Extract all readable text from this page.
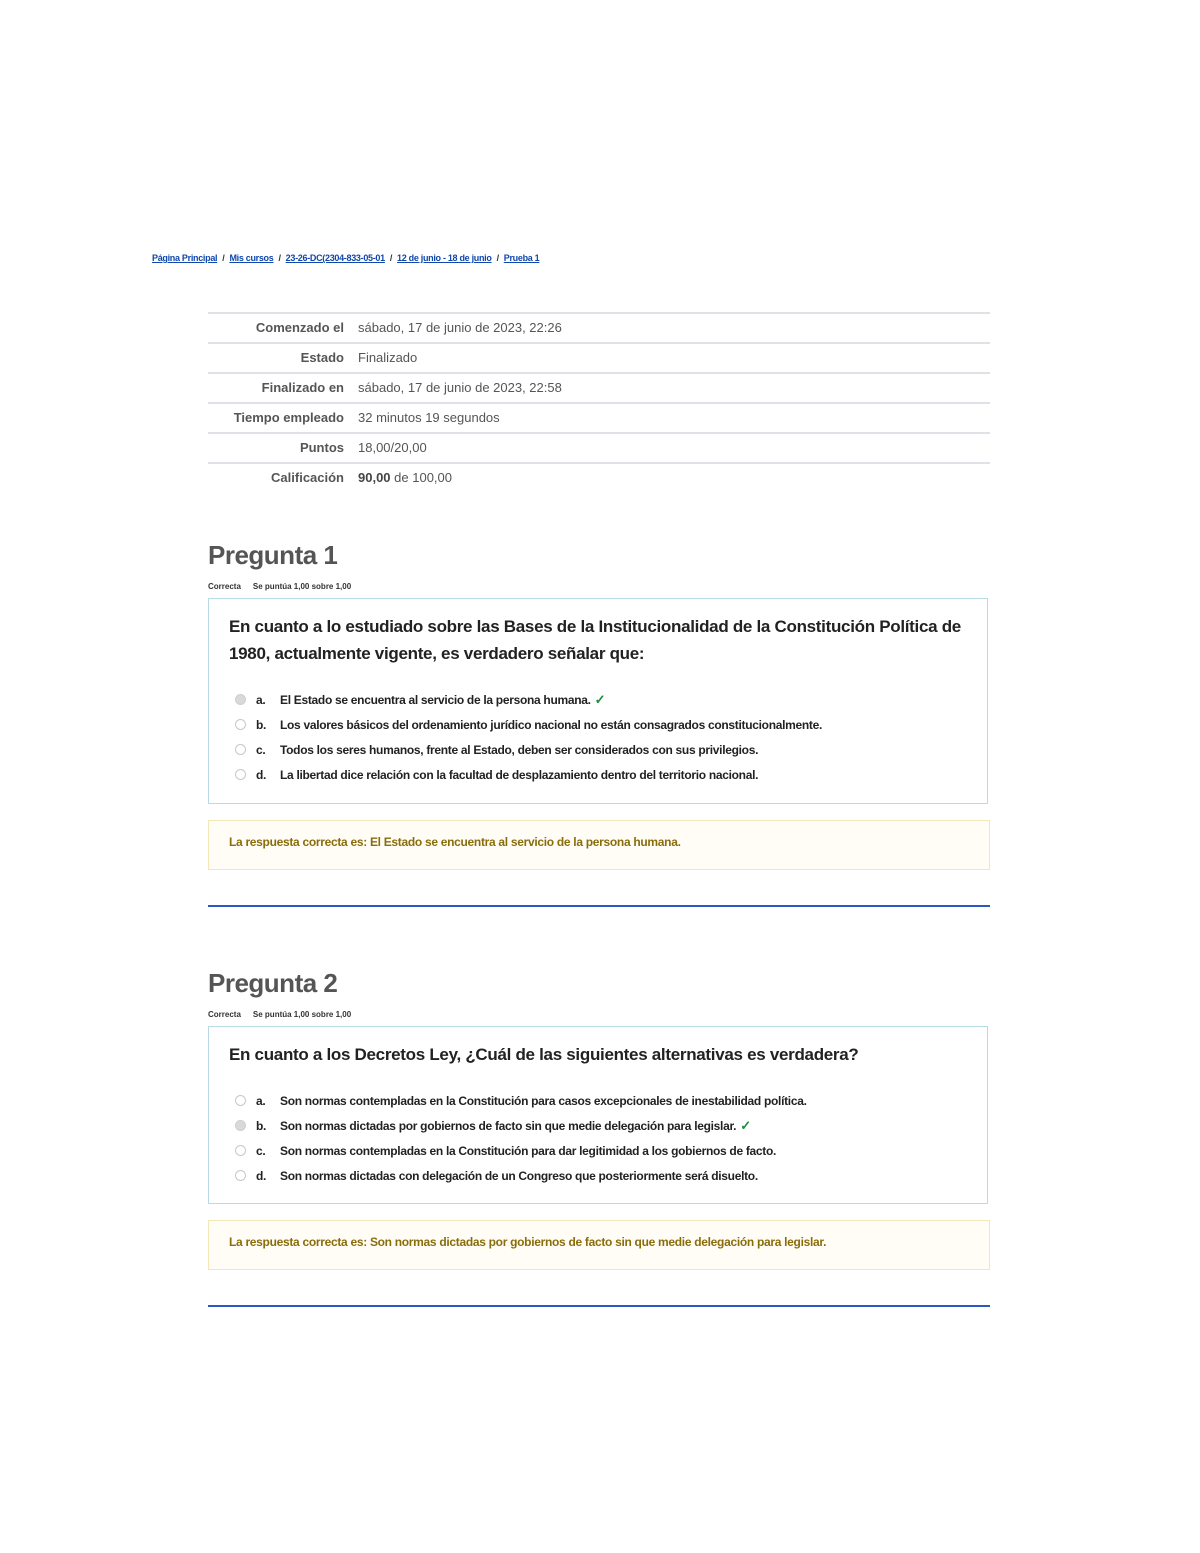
Página Principal / Mis cursos / 23-26-DC(2304-833-05-01 / 12 de junio - 18 de junio / Prueba 1
Comenzado el	sábado, 17 de junio de 2023, 22:26
Estado	Finalizado
Finalizado en	sábado, 17 de junio de 2023, 22:58
Tiempo empleado	32 minutos 19 segundos
Puntos	18,00/20,00
Calificación	90,00 de 100,00
Pregunta 1
Correcta Se puntúa 1,00 sobre 1,00
En cuanto a lo estudiado sobre las Bases de la Institucionalidad de la Constitución Política de 1980, actualmente vigente, es verdadero señalar que:
a.	El Estado se encuentra al servicio de la persona humana. ✓
b.	Los valores básicos del ordenamiento jurídico nacional no están consagrados constitucionalmente.
c.	Todos los seres humanos, frente al Estado, deben ser considerados con sus privilegios.
d.	La libertad dice relación con la facultad de desplazamiento dentro del territorio nacional.
La respuesta correcta es: El Estado se encuentra al servicio de la persona humana.
Pregunta 2
Correcta Se puntúa 1,00 sobre 1,00
En cuanto a los Decretos Ley, ¿Cuál de las siguientes alternativas es verdadera?
a.	Son normas contempladas en la Constitución para casos excepcionales de inestabilidad política.
b.	Son normas dictadas por gobiernos de facto sin que medie delegación para legislar. ✓
c.	Son normas contempladas en la Constitución para dar legitimidad a los gobiernos de facto.
d.	Son normas dictadas con delegación de un Congreso que posteriormente será disuelto.
La respuesta correcta es: Son normas dictadas por gobiernos de facto sin que medie delegación para legislar.
